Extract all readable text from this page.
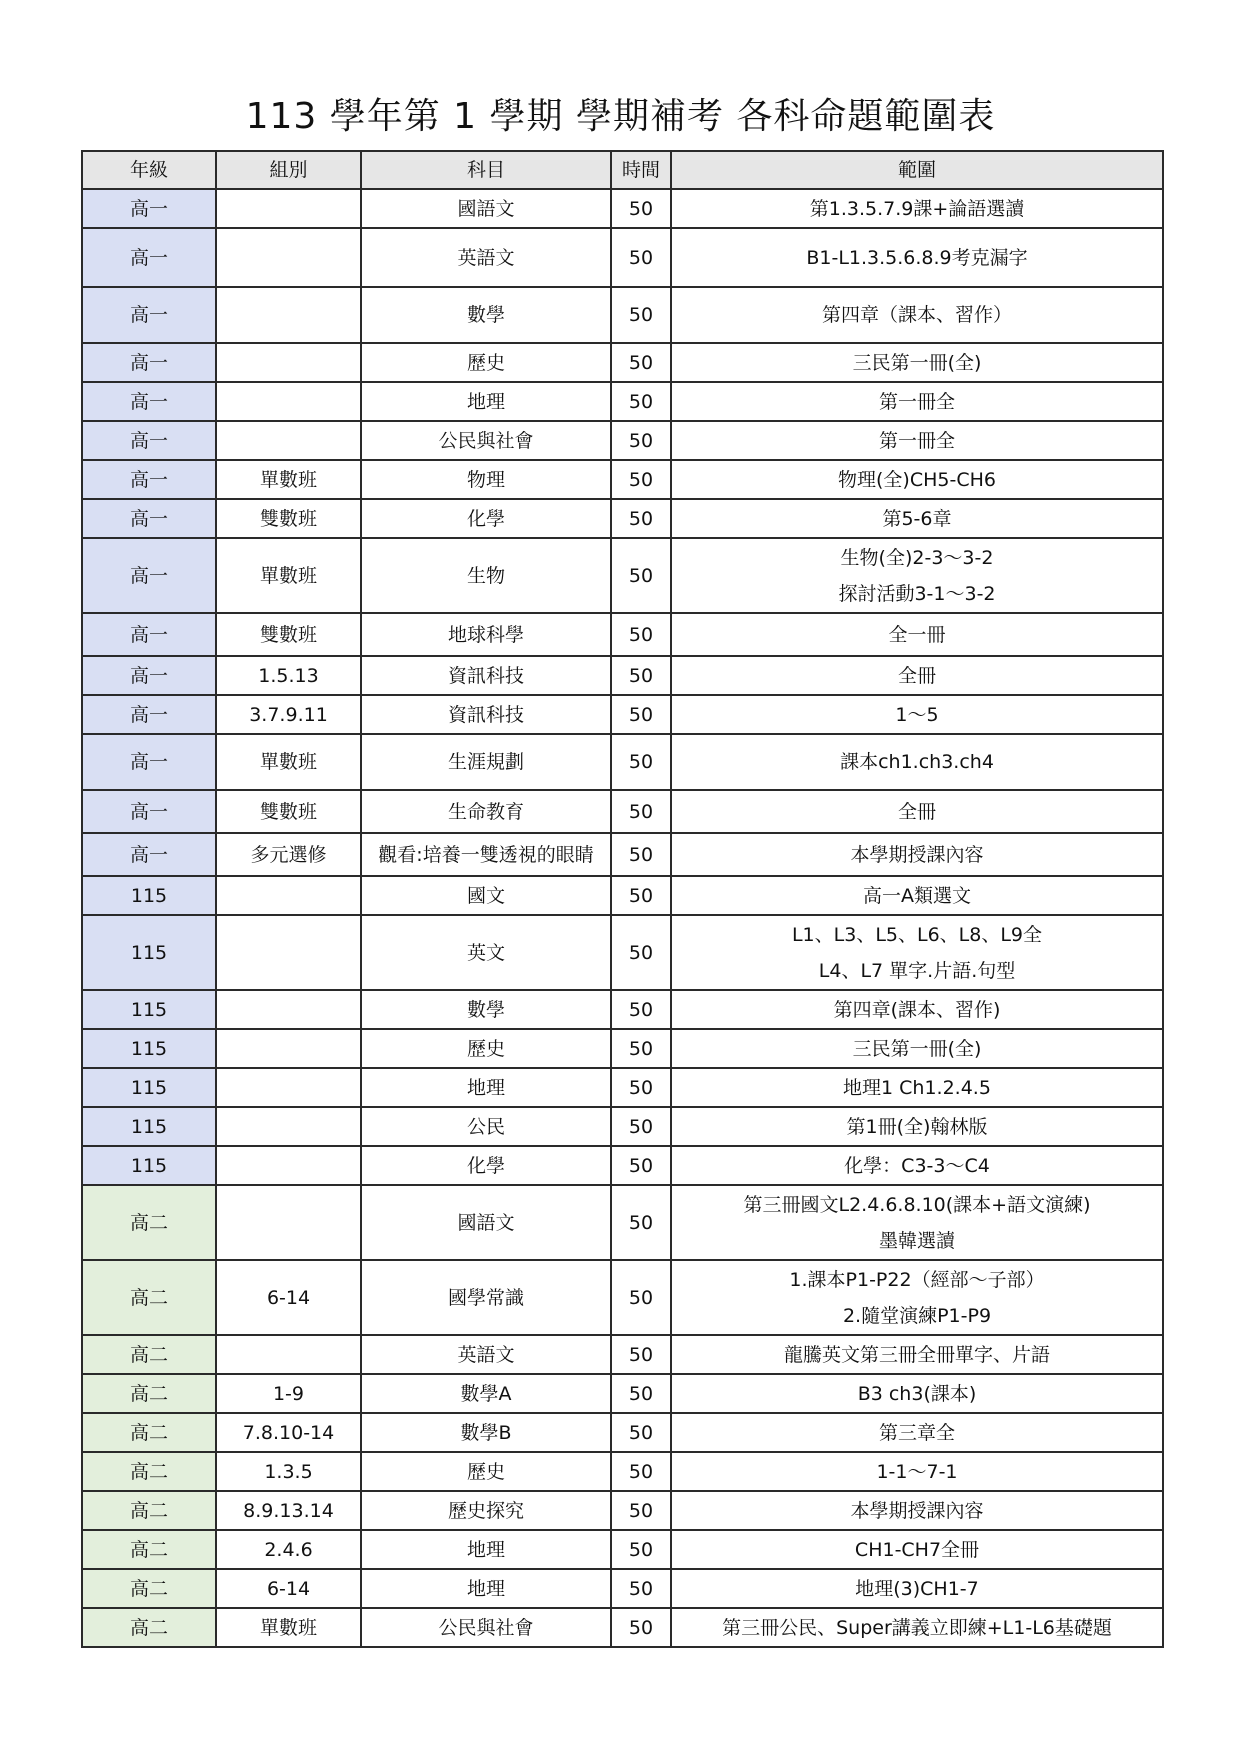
113 學年第 1 學期 學期補考 各科命題範圍表
年級	組別	科目	時間	範圍
高一		國語文	50	第1.3.5.7.9課+論語選讀

高一		英語文	50	B1-L1.3.5.6.8.9考克漏字

高一		數學	50	第四章（課本、習作）

高一		歷史	50	三民第一冊(全)

高一		地理	50	第一冊全

高一		公民與社會	50	第一冊全

高一	單數班	物理	50	物理(全)CH5-CH6

高一	雙數班	化學	50	第5-6章

高一	單數班	生物	50	生物(全)2-3～3-2
探討活動3-1～3-2

高一	雙數班	地球科學	50	全一冊

高一	1.5.13	資訊科技	50	全冊

高一	3.7.9.11	資訊科技	50	1～5

高一	單數班	生涯規劃	50	課本ch1.ch3.ch4

高一	雙數班	生命教育	50	全冊

高一	多元選修	觀看:培養一雙透視的眼睛	50	本學期授課內容

115		國文	50	高一A類選文

115		英文	50	L1、L3、L5、L6、L8、L9全
L4、L7 單字.片語.句型

115		數學	50	第四章(課本、習作)

115		歷史	50	三民第一冊(全)

115		地理	50	地理1 Ch1.2.4.5

115		公民	50	第1冊(全)翰林版

115		化學	50	化學：C3-3～C4

高二		國語文	50	第三冊國文L2.4.6.8.10(課本+語文演練)
墨韓選讀

高二	6-14	國學常識	50	1.課本P1-P22（經部～子部）
2.隨堂演練P1-P9

高二		英語文	50	龍騰英文第三冊全冊單字、片語

高二	1-9	數學A	50	B3 ch3(課本)

高二	7.8.10-14	數學B	50	第三章全

高二	1.3.5	歷史	50	1-1～7-1

高二	8.9.13.14	歷史探究	50	本學期授課內容

高二	2.4.6	地理	50	CH1-CH7全冊

高二	6-14	地理	50	地理(3)CH1-7

高二	單數班	公民與社會	50	第三冊公民、Super講義立即練+L1-L6基礎題
